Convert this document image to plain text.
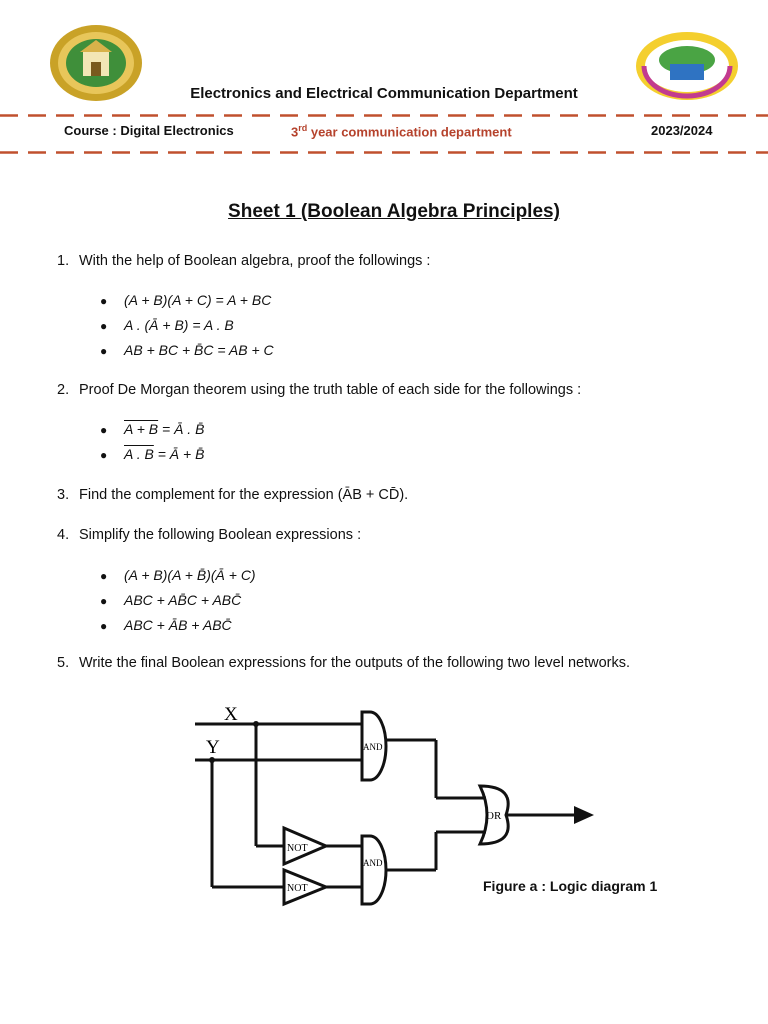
Electronics and Electrical Communication Department
Course : Digital Electronics	3rd year communication department	2023/2024
Sheet 1 (Boolean Algebra Principles)
1. With the help of Boolean algebra, proof the followings :
● (A + B)(A + C) = A + BC
● A . (Ā + B) = A . B
● AB + BC + B̄C = AB + C
2. Proof De Morgan theorem using the truth table of each side for the followings :
● A + B = Ā . B̄
● A . B = Ā + B̄
3. Find the complement for the expression (ĀB + CD̄).
4. Simplify the following Boolean expressions :
● (A + B)(A + B̄)(Ā + C)
● ABC + AB̄C + ABC̄
● ABC + ĀB + ABC̄
5. Write the final Boolean expressions for the outputs of the following two level networks.
X
Y	AND
AND
OR
NOT
NOT	Figure a : Logic diagram 1
